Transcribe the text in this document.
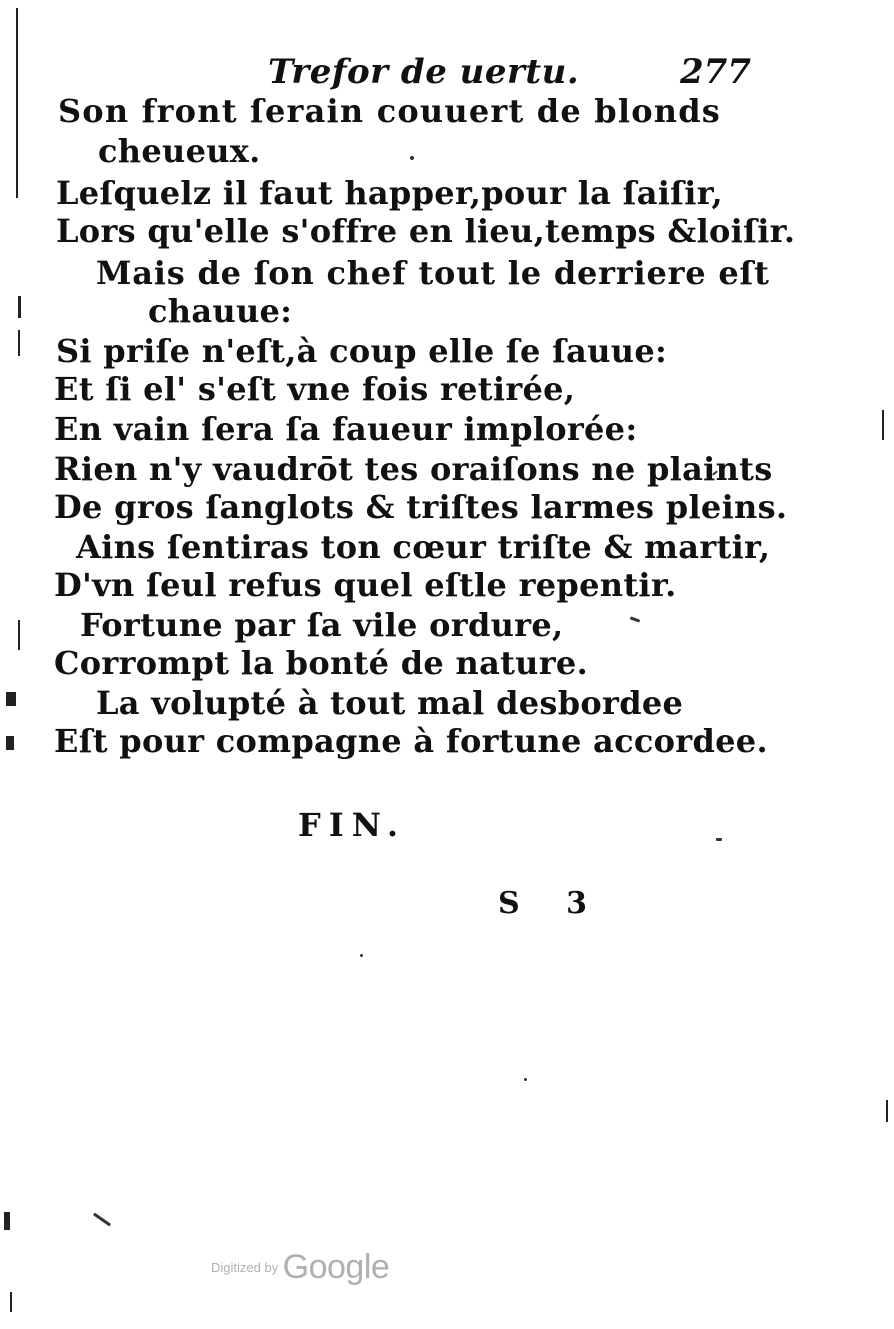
Trefor de uertu.	277
Son front ſerain couuert de blonds
cheueux.
Leſquelz il faut happer,pour la ſaiſir,
Lors qu'elle s'offre en lieu,temps &loiſir.
Mais de ſon chef tout le derriere eſt
chauue:
Si priſe n'eſt,à coup elle ſe ſauue:
Et ſi el' s'eſt vne fois retirée,
En vain ſera ſa faueur implorée:
Rien n'y vaudrōt tes oraiſons ne plaints
De gros ſanglots & triſtes larmes pleins.
Ains ſentiras ton cœur triſte & martir,
D'vn ſeul refus quel eſtle repentir.
Fortune par ſa vile ordure,
Corrompt la bonté de nature.
La volupté à tout mal desbordee
Eſt pour compagne à fortune accordee.
FIN.
S 3
Digitized by Google
